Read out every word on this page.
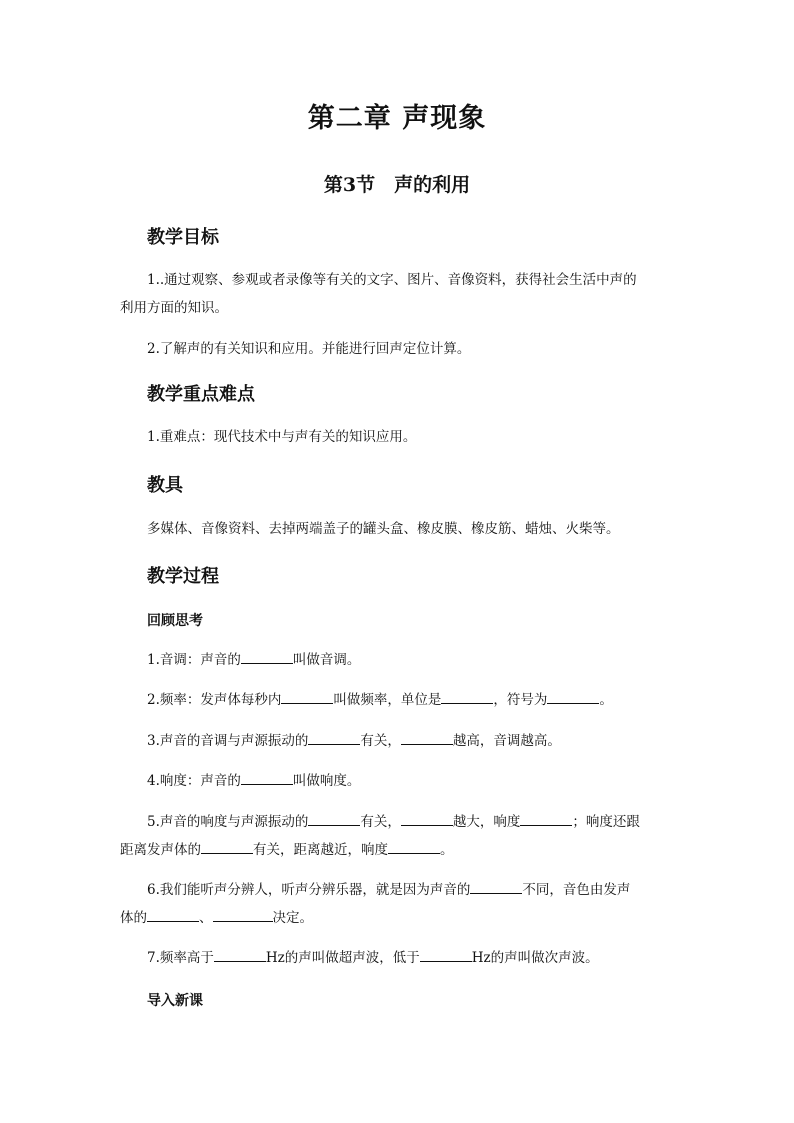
第二章 声现象
第3节　声的利用
教学目标
1..通过观察、参观或者录像等有关的文字、图片、音像资料，获得社会生活中声的利用方面的知识。
2.了解声的有关知识和应用。并能进行回声定位计算。
教学重点难点
1.重难点：现代技术中与声有关的知识应用。
教具
多媒体、音像资料、去掉两端盖子的罐头盒、橡皮膜、橡皮筋、蜡烛、火柴等。
教学过程
回顾思考
1.音调：声音的	叫做音调。
2.频率：发声体每秒内	叫做频率，单位是	，符号为	。
3.声音的音调与声源振动的	有关，	越高，音调越高。
4.响度：声音的	叫做响度。
5.声音的响度与声源振动的	有关，	越大，响度	；响度还跟距离发声体的	有关，距离越近，响度	。
6.我们能听声分辨人，听声分辨乐器，就是因为声音的	不同，音色由发声体的	、	决定。
7.频率高于	Hz的声叫做超声波，低于	Hz的声叫做次声波。
导入新课
